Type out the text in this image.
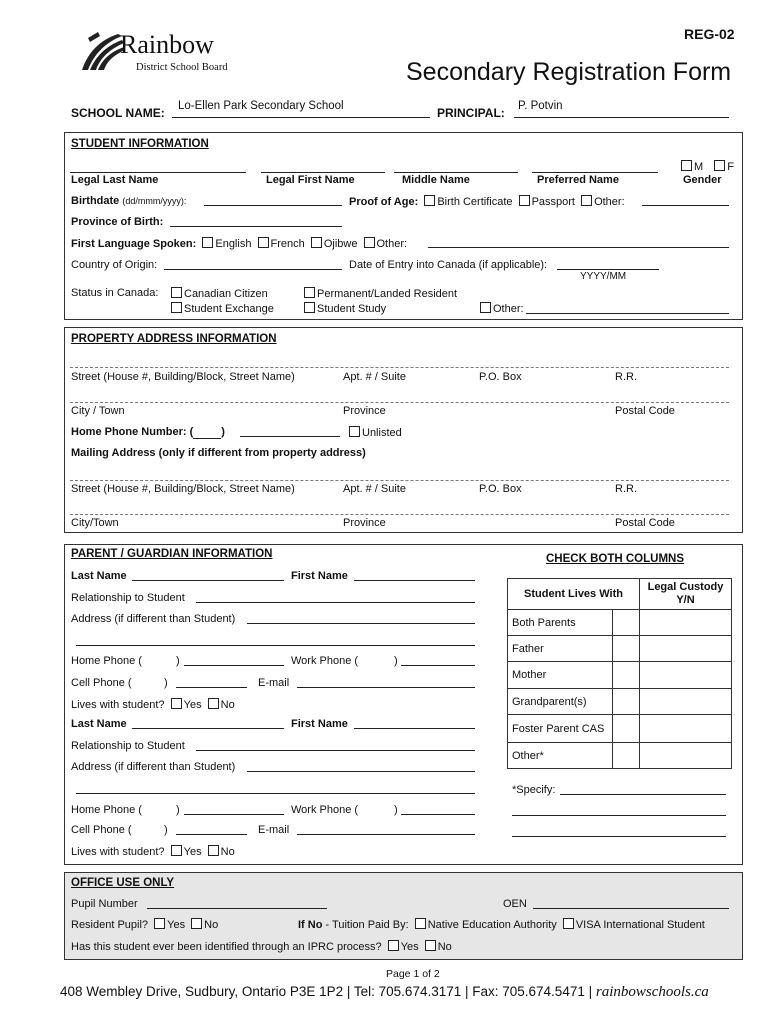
REG-02
Rainbow
District School Board	Secondary Registration Form
SCHOOL NAME: Lo-Ellen Park Secondary School	PRINCIPAL: P. Potvin
STUDENT INFORMATION
M F
Legal Last Name	Legal First Name	Middle Name	Preferred Name	Gender
Birthdate (dd/mmm/yyyy):	Proof of Age: Birth Certificate Passport Other:
Province of Birth:
First Language Spoken: English French Ojibwe Other:
Country of Origin:	Date of Entry into Canada (if applicable):
YYYY/MM
Status in Canada:	Canadian Citizen
Student Exchange
Permanent/Landed Resident
Student Study	Other:
PROPERTY ADDRESS INFORMATION
Street (House #, Building/Block, Street Name)	Apt. # / Suite	P.O. Box	R.R.
City / Town	Province	Postal Code
Home Phone Number: (	)	Unlisted
Mailing Address (only if different from property address)
Street (House #, Building/Block, Street Name)	Apt. # / Suite	P.O. Box	R.R.
City/Town	Province	Postal Code
PARENT / GUARDIAN INFORMATION
Last Name	First Name
Relationship to Student
Address (if different than Student)
Home Phone (	)	Work Phone (	)
Cell Phone (	)	E-mail
Lives with student? Yes No
Last Name	First Name
Relationship to Student
Address (if different than Student)
Home Phone (	)	Work Phone (	)
Cell Phone (	)	E-mail
Lives with student? Yes No
CHECK BOTH COLUMNS
Student Lives With		Legal Custody Y/N
Both Parents		
Father		
Mother		
Grandparent(s)		
Foster Parent CAS		
Other*		
*Specify:
OFFICE USE ONLY
Pupil Number	OEN
Resident Pupil? Yes No	If No - Tuition Paid By: Native Education Authority VISA International Student
Has this student ever been identified through an IPRC process? Yes No
Page 1 of 2
408 Wembley Drive, Sudbury, Ontario P3E 1P2 | Tel: 705.674.3171 | Fax: 705.674.5471 | rainbowschools.ca
